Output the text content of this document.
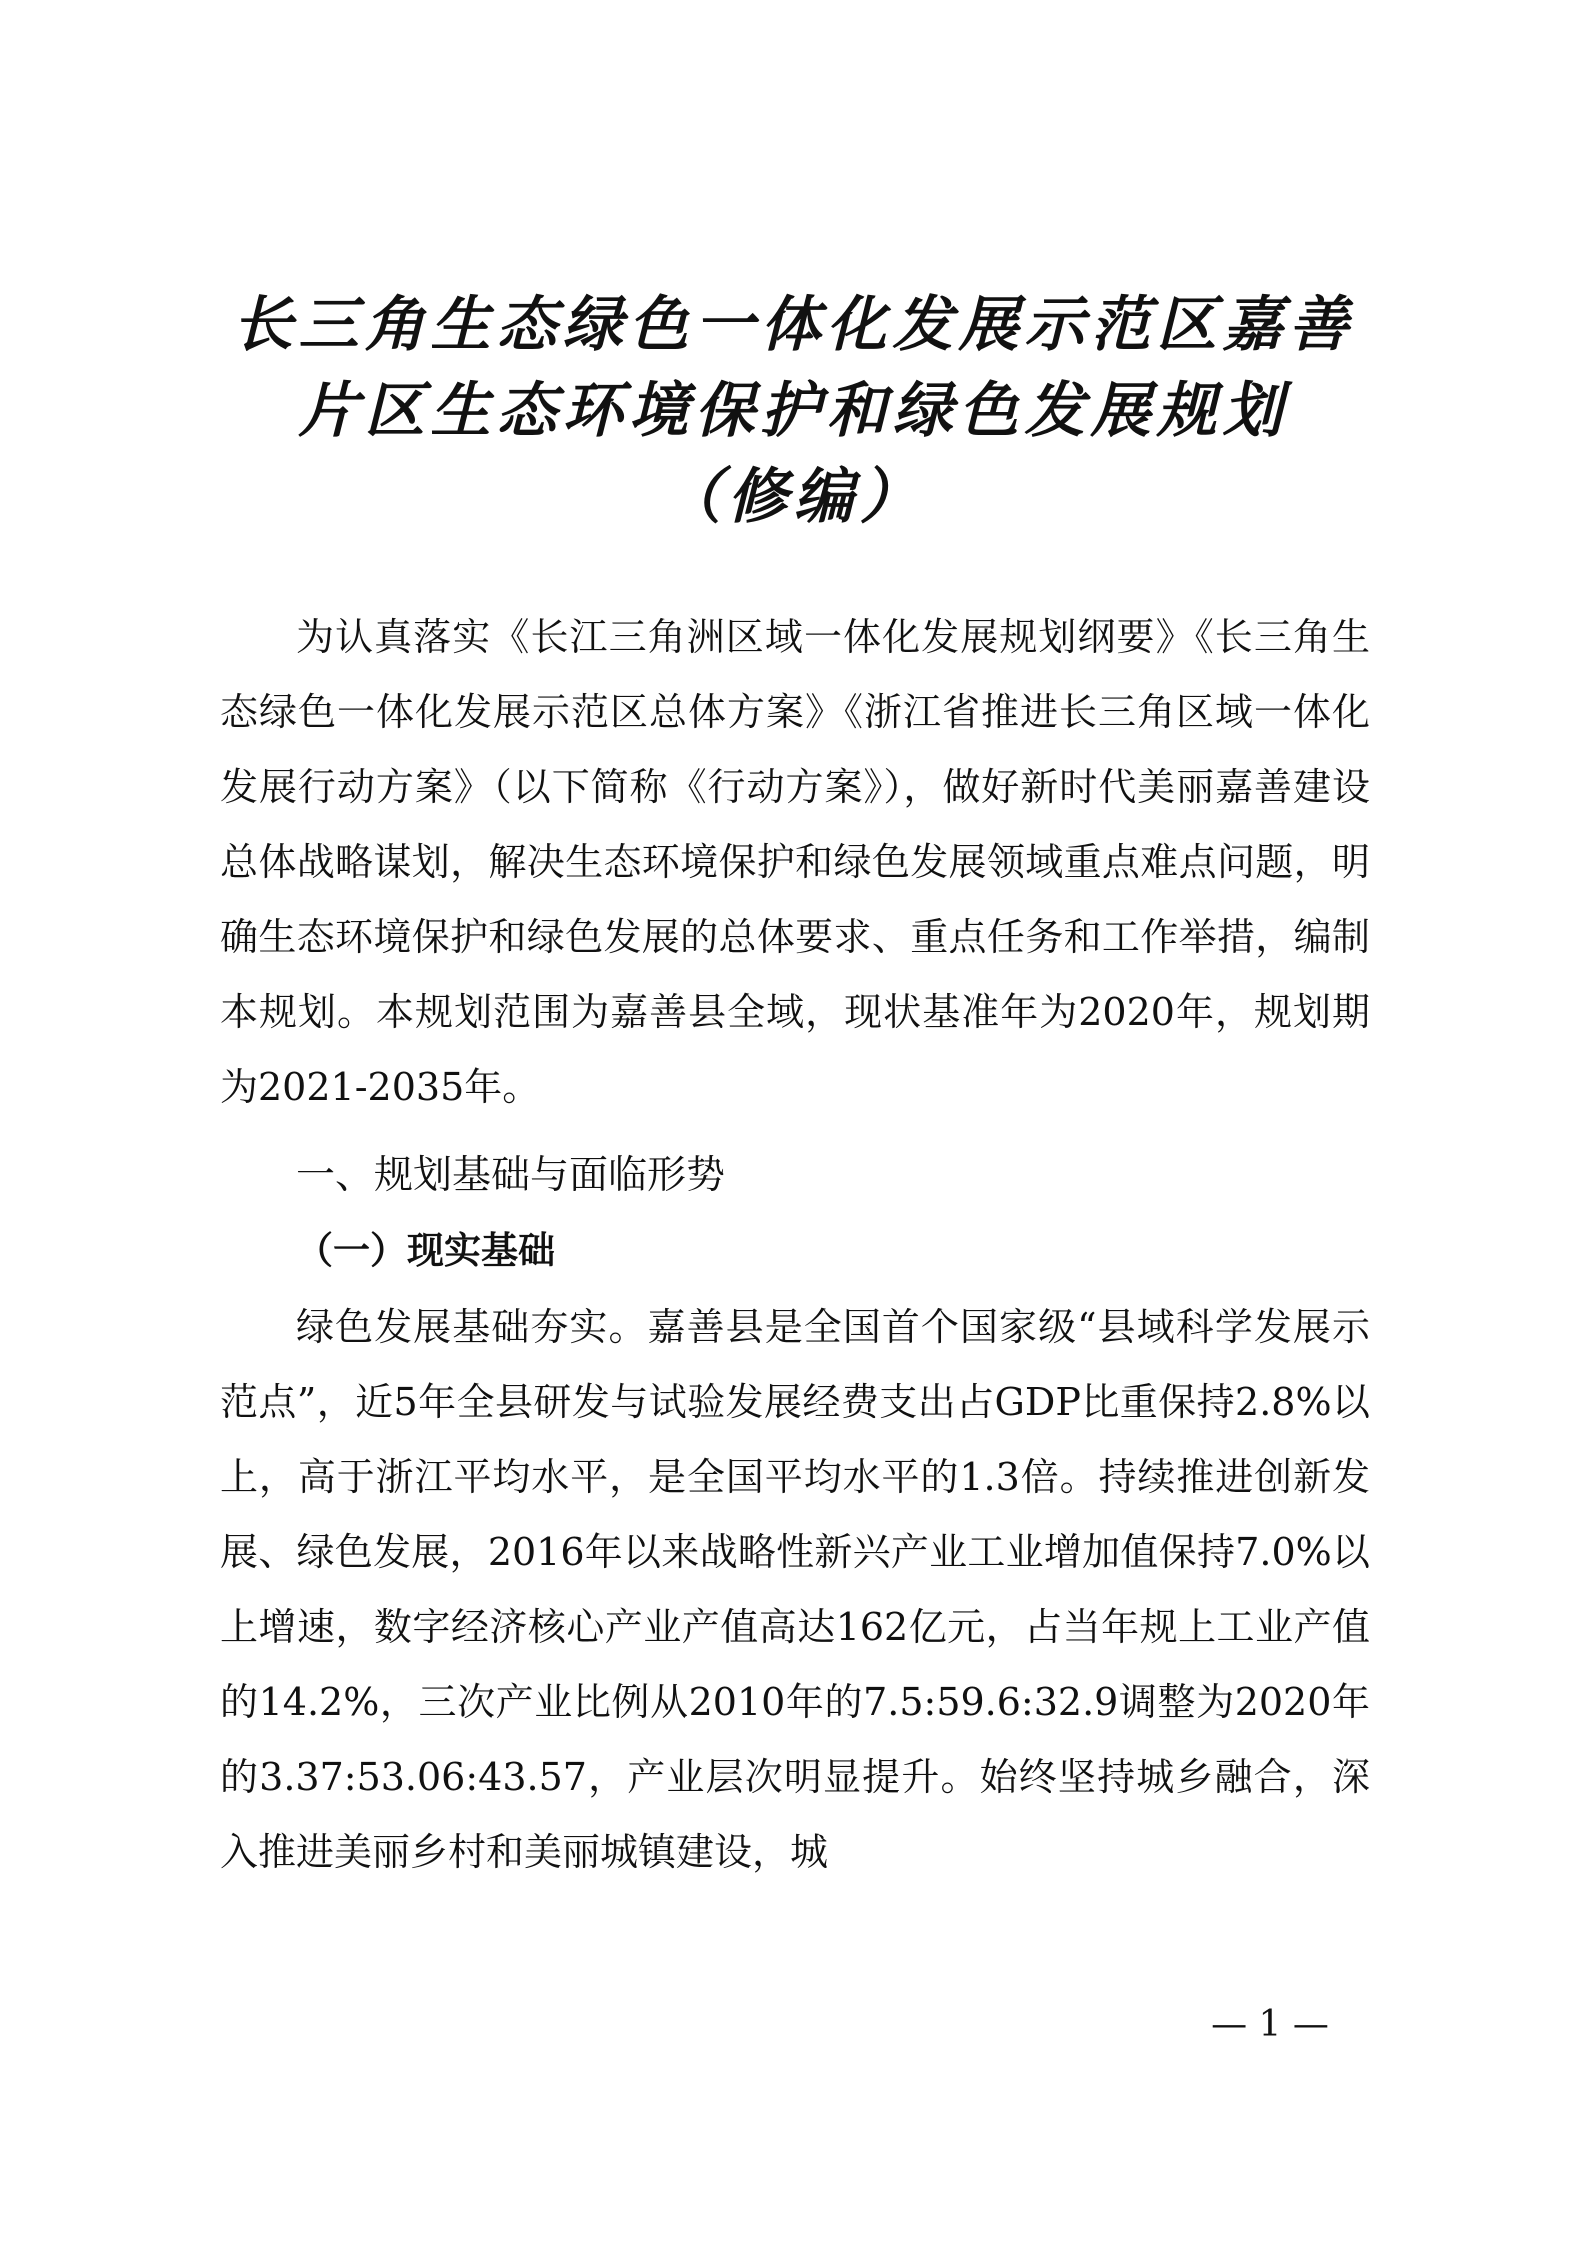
长三角生态绿色一体化发展示范区嘉善
片区生态环境保护和绿色发展规划
（修编）
为认真落实《长江三角洲区域一体化发展规划纲要》《长三角生态绿色一体化发展示范区总体方案》《浙江省推进长三角区域一体化发展行动方案》（以下简称《行动方案》），做好新时代美丽嘉善建设总体战略谋划，解决生态环境保护和绿色发展领域重点难点问题，明确生态环境保护和绿色发展的总体要求、重点任务和工作举措，编制本规划。本规划范围为嘉善县全域，现状基准年为2020年，规划期为2021-2035年。
一、规划基础与面临形势
（一）现实基础
绿色发展基础夯实。嘉善县是全国首个国家级“县域科学发展示范点”，近5年全县研发与试验发展经费支出占GDP比重保持2.8%以上，高于浙江平均水平，是全国平均水平的1.3倍。持续推进创新发展、绿色发展，2016年以来战略性新兴产业工业增加值保持7.0%以上增速，数字经济核心产业产值高达162亿元，占当年规上工业产值的14.2%，三次产业比例从2010年的7.5:59.6:32.9调整为2020年的3.37:53.06:43.57，产业层次明显提升。始终坚持城乡融合，深入推进美丽乡村和美丽城镇建设，城
— 1 —
